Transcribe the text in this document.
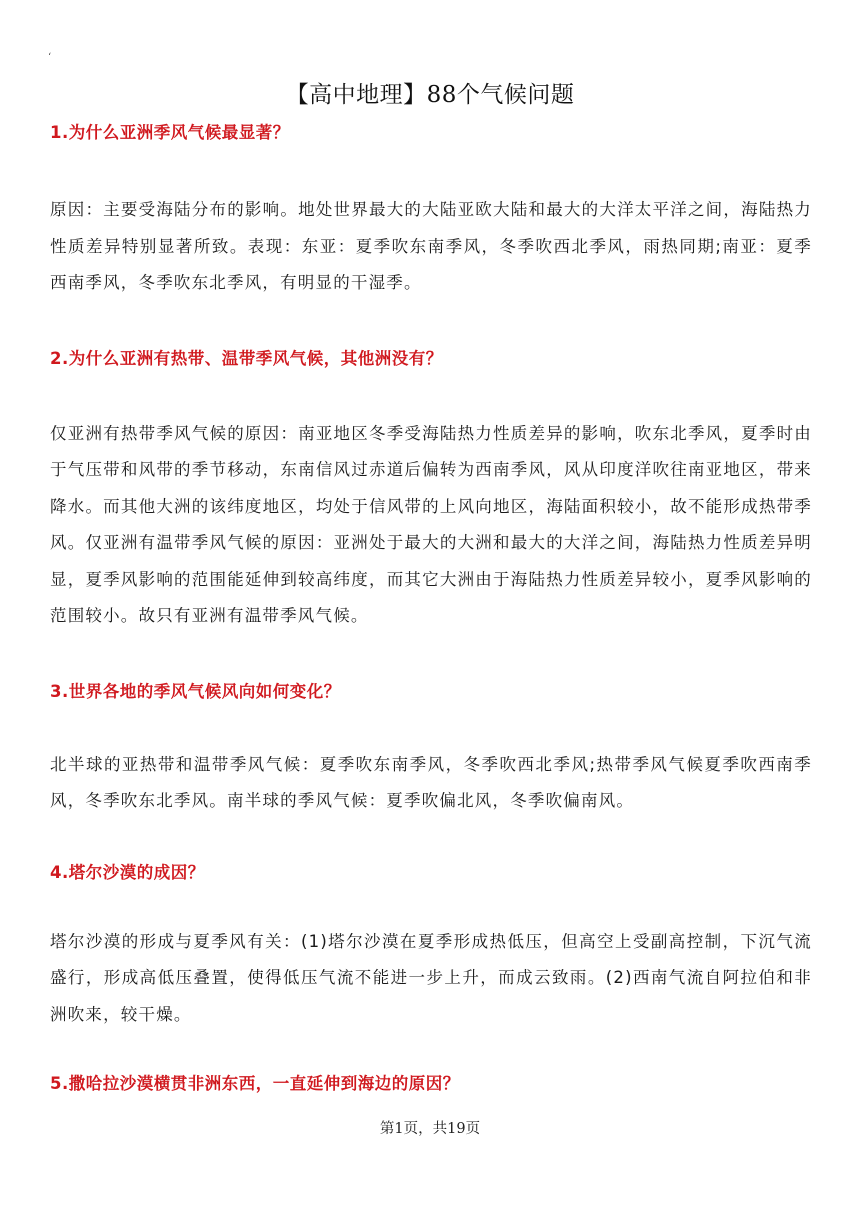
‘
【高中地理】88个气候问题

1.为什么亚洲季风气候最显著？

原因：主要受海陆分布的影响。地处世界最大的大陆亚欧大陆和最大的大洋太平洋之间，海陆热力性质差异特别显著所致。表现：东亚：夏季吹东南季风，冬季吹西北季风，雨热同期;南亚：夏季西南季风，冬季吹东北季风，有明显的干湿季。

2.为什么亚洲有热带、温带季风气候，其他洲没有？

仅亚洲有热带季风气候的原因：南亚地区冬季受海陆热力性质差异的影响，吹东北季风，夏季时由于气压带和风带的季节移动，东南信风过赤道后偏转为西南季风，风从印度洋吹往南亚地区，带来降水。而其他大洲的该纬度地区，均处于信风带的上风向地区，海陆面积较小，故不能形成热带季风。仅亚洲有温带季风气候的原因：亚洲处于最大的大洲和最大的大洋之间，海陆热力性质差异明显，夏季风影响的范围能延伸到较高纬度，而其它大洲由于海陆热力性质差异较小，夏季风影响的范围较小。故只有亚洲有温带季风气候。

3.世界各地的季风气候风向如何变化？

北半球的亚热带和温带季风气候：夏季吹东南季风，冬季吹西北季风;热带季风气候夏季吹西南季风，冬季吹东北季风。南半球的季风气候：夏季吹偏北风，冬季吹偏南风。

4.塔尔沙漠的成因？

塔尔沙漠的形成与夏季风有关：(1)塔尔沙漠在夏季形成热低压，但高空上受副高控制，下沉气流盛行，形成高低压叠置，使得低压气流不能进一步上升，而成云致雨。(2)西南气流自阿拉伯和非洲吹来，较干燥。

5.撒哈拉沙漠横贯非洲东西，一直延伸到海边的原因？

第1页，共19页
